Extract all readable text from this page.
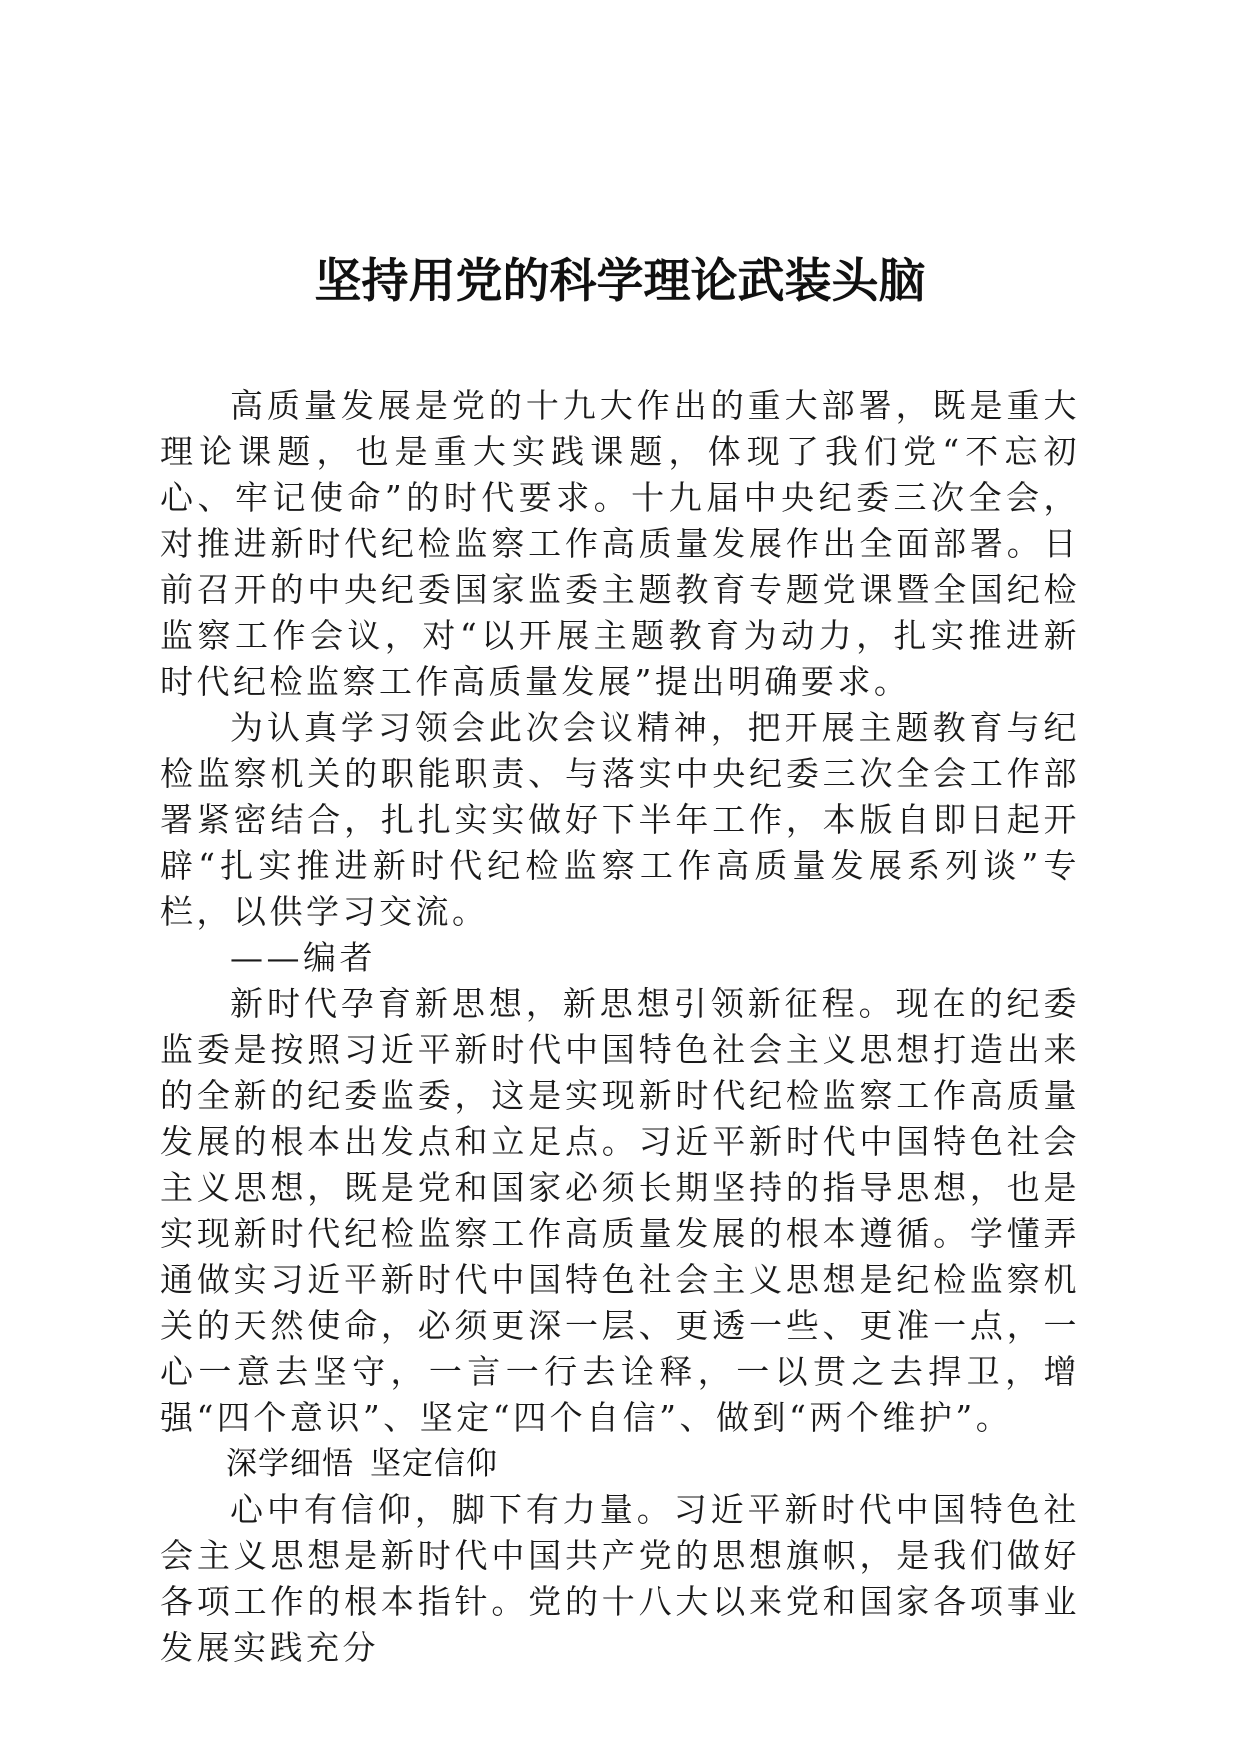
坚持用党的科学理论武装头脑

高质量发展是党的十九大作出的重大部署，既是重大理论课题，也是重大实践课题，体现了我们党“不忘初心、牢记使命”的时代要求。十九届中央纪委三次全会，对推进新时代纪检监察工作高质量发展作出全面部署。日前召开的中央纪委国家监委主题教育专题党课暨全国纪检监察工作会议，对“以开展主题教育为动力，扎实推进新时代纪检监察工作高质量发展”提出明确要求。

为认真学习领会此次会议精神，把开展主题教育与纪检监察机关的职能职责、与落实中央纪委三次全会工作部署紧密结合，扎扎实实做好下半年工作，本版自即日起开辟“扎实推进新时代纪检监察工作高质量发展系列谈”专栏，以供学习交流。

——编者

新时代孕育新思想，新思想引领新征程。现在的纪委监委是按照习近平新时代中国特色社会主义思想打造出来的全新的纪委监委，这是实现新时代纪检监察工作高质量发展的根本出发点和立足点。习近平新时代中国特色社会主义思想，既是党和国家必须长期坚持的指导思想，也是实现新时代纪检监察工作高质量发展的根本遵循。学懂弄通做实习近平新时代中国特色社会主义思想是纪检监察机关的天然使命，必须更深一层、更透一些、更准一点，一心一意去坚守，一言一行去诠释，一以贯之去捍卫，增强“四个意识”、坚定“四个自信”、做到“两个维护”。

深学细悟 坚定信仰

心中有信仰，脚下有力量。习近平新时代中国特色社会主义思想是新时代中国共产党的思想旗帜，是我们做好各项工作的根本指针。党的十八大以来党和国家各项事业发展实践充分
